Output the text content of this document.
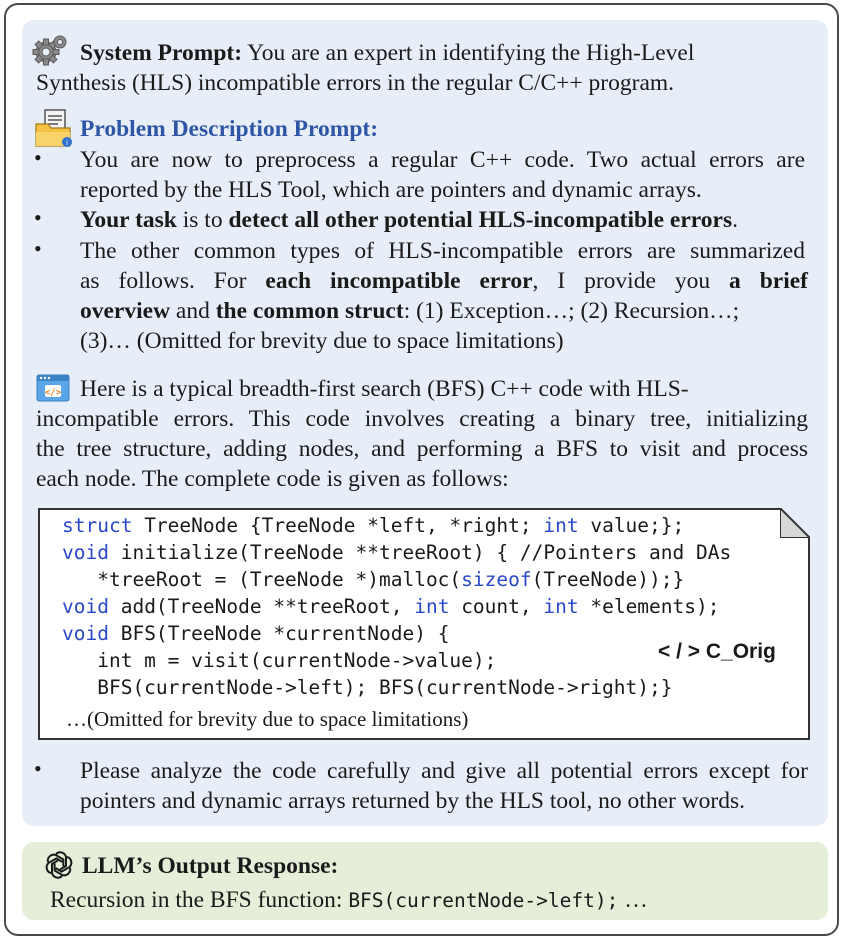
System Prompt: You are an expert in identifying the High-Level
Synthesis (HLS) incompatible errors in the regular C/C++ program.
i
Problem Description Prompt:
• You are now to preprocess a regular C++ code. Two actual errors are
reported by the HLS Tool, which are pointers and dynamic arrays.
• Your task is to detect all other potential HLS-incompatible errors.
• The other common types of HLS-incompatible errors are summarized
as follows. For each incompatible error, I provide you a brief
overview and the common struct: (1) Exception…; (2) Recursion…;
(3)… (Omitted for brevity due to space limitations)
</> Here is a typical breadth-first search (BFS) C++ code with HLS-
incompatible errors. This code involves creating a binary tree, initializing
the tree structure, adding nodes, and performing a BFS to visit and process
each node. The complete code is given as follows:
struct TreeNode {TreeNode *left, *right; int value;};
void initialize(TreeNode **treeRoot) { //Pointers and DAs
*treeRoot = (TreeNode *)malloc(sizeof(TreeNode));}
void add(TreeNode **treeRoot, int count, int *elements);
void BFS(TreeNode *currentNode) {
int m = visit(currentNode->value);
BFS(currentNode->left); BFS(currentNode->right);}
…(Omitted for brevity due to space limitations)
< / > C_Orig
• Please analyze the code carefully and give all potential errors except for
pointers and dynamic arrays returned by the HLS tool, no other words.
LLM’s Output Response:
Recursion in the BFS function: BFS(currentNode->left); …
